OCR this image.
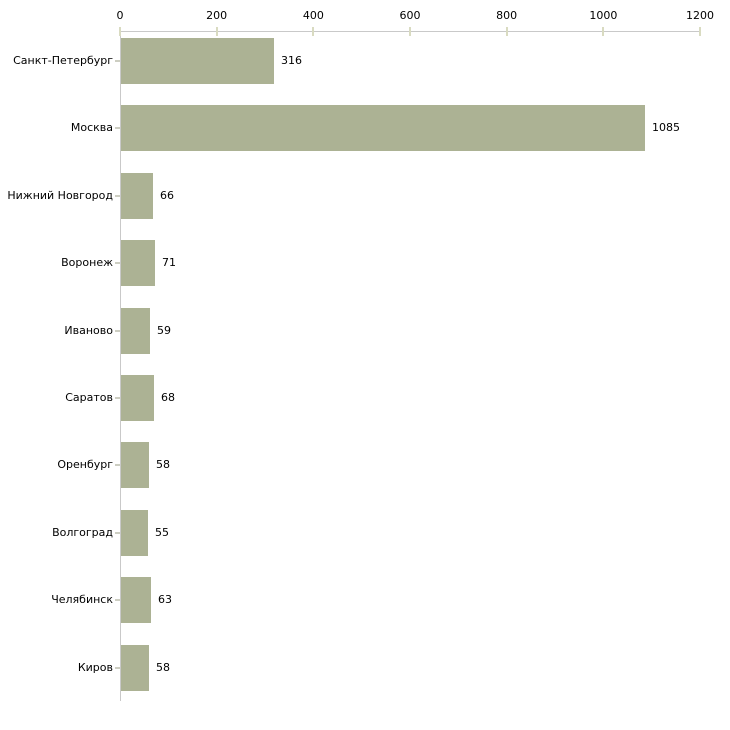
0	200	400	600	800	1000	1200
Санкт-Петербург	316
Москва	1085
Нижний Новгород	66
Воронеж	71
Иваново	59
Саратов	68
Оренбург	58
Волгоград	55
Челябинск	63
Киров	58
